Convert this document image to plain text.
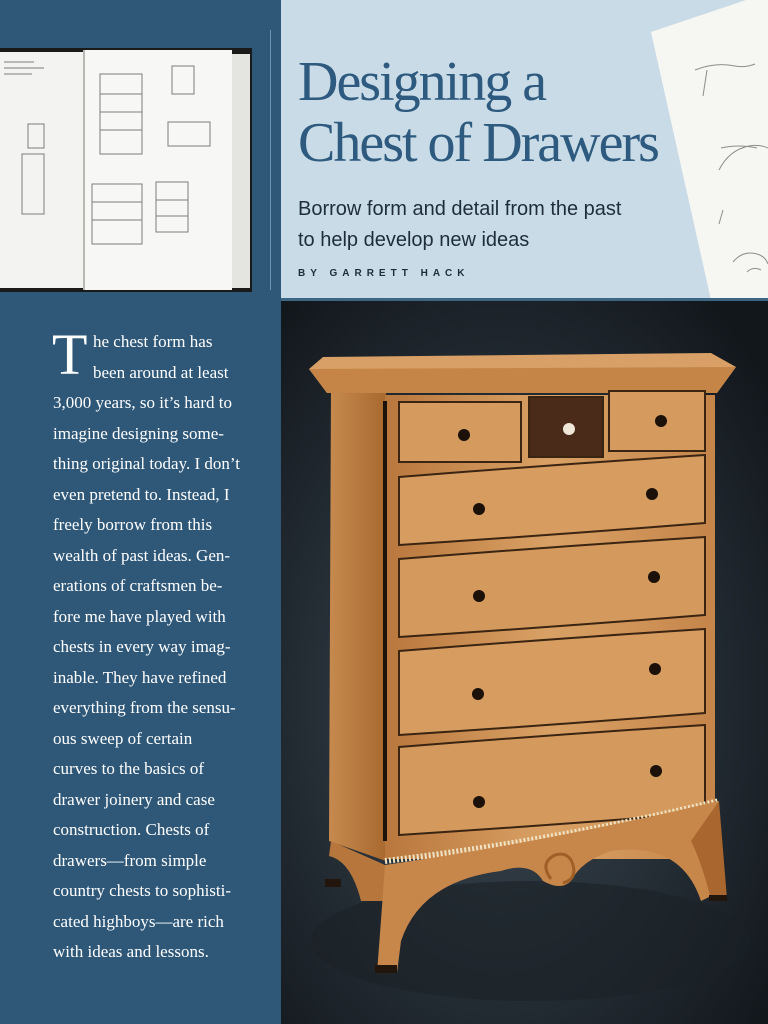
Designing a
Chest of Drawers
Borrow form and detail from the past
to help develop new ideas
BY GARRETT HACK
T he chest form has
been around at least
3,000 years, so it’s hard to
imagine designing some-
thing original today. I don’t
even pretend to. Instead, I
freely borrow from this
wealth of past ideas. Gen-
erations of craftsmen be-
fore me have played with
chests in every way imag-
inable. They have refined
everything from the sensu-
ous sweep of certain
curves to the basics of
drawer joinery and case
construction. Chests of
drawers—from simple
country chests to sophisti-
cated highboys—are rich
with ideas and lessons.
